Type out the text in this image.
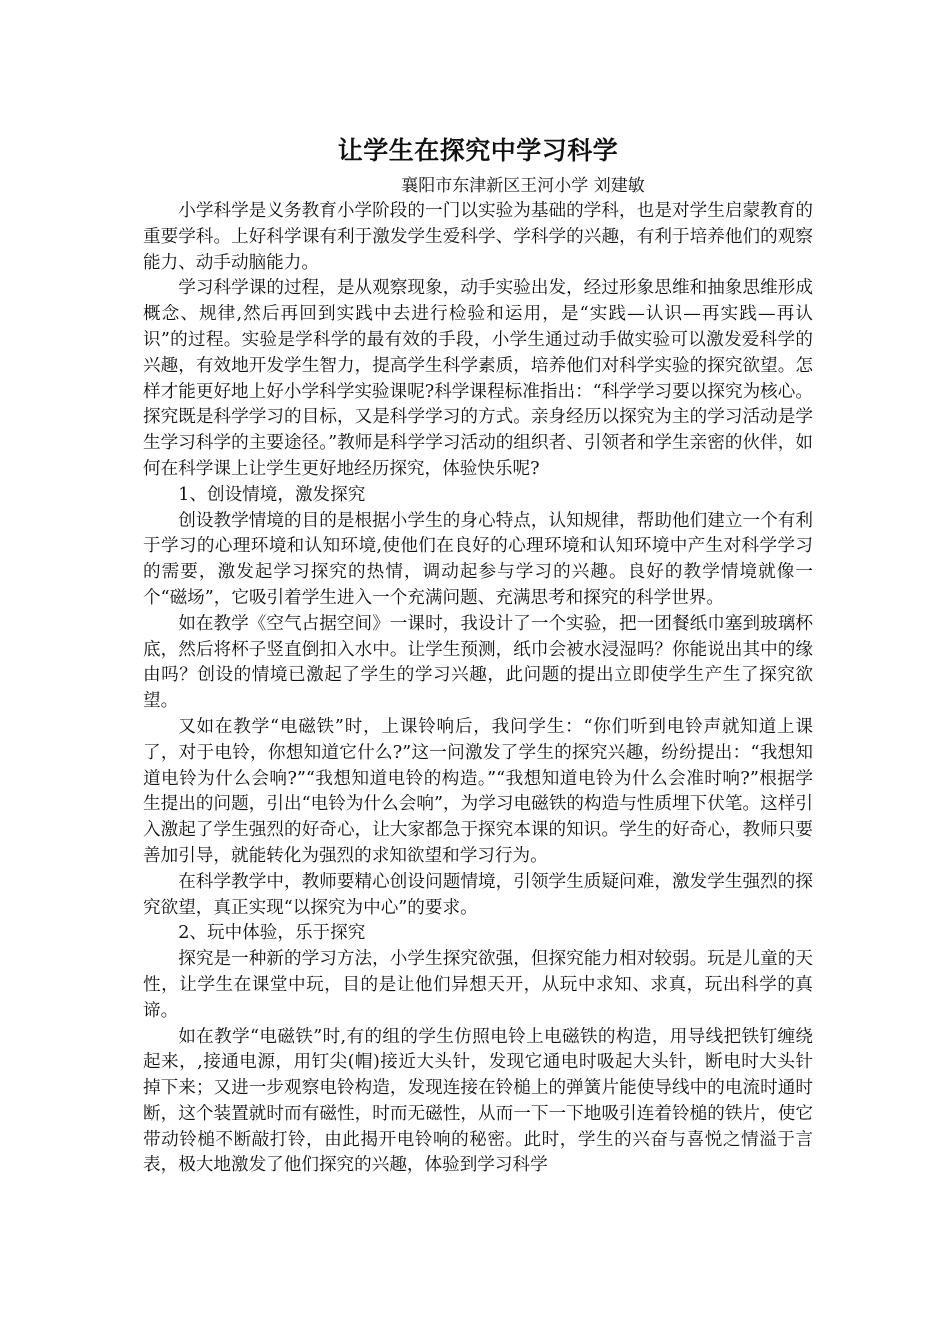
让学生在探究中学习科学

襄阳市东津新区王河小学 刘建敏

小学科学是义务教育小学阶段的一门以实验为基础的学科，也是对学生启蒙教育的重要学科。上好科学课有利于激发学生爱科学、学科学的兴趣，有利于培养他们的观察能力、动手动脑能力。

学习科学课的过程，是从观察现象，动手实验出发，经过形象思维和抽象思维形成概念、规律,然后再回到实践中去进行检验和运用，是“实践—认识—再实践—再认识”的过程。实验是学科学的最有效的手段，小学生通过动手做实验可以激发爱科学的兴趣，有效地开发学生智力，提高学生科学素质，培养他们对科学实验的探究欲望。怎样才能更好地上好小学科学实验课呢?科学课程标准指出：“科学学习要以探究为核心。探究既是科学学习的目标，又是科学学习的方式。亲身经历以探究为主的学习活动是学生学习科学的主要途径。”教师是科学学习活动的组织者、引领者和学生亲密的伙伴，如何在科学课上让学生更好地经历探究，体验快乐呢?

1、创设情境，激发探究

创设教学情境的目的是根据小学生的身心特点，认知规律，帮助他们建立一个有利于学习的心理环境和认知环境,使他们在良好的心理环境和认知环境中产生对科学学习的需要，激发起学习探究的热情，调动起参与学习的兴趣。良好的教学情境就像一个“磁场”，它吸引着学生进入一个充满问题、充满思考和探究的科学世界。

如在教学《空气占据空间》一课时，我设计了一个实验，把一团餐纸巾塞到玻璃杯底，然后将杯子竖直倒扣入水中。让学生预测，纸巾会被水浸湿吗？你能说出其中的缘由吗？创设的情境已激起了学生的学习兴趣，此问题的提出立即使学生产生了探究欲望。

又如在教学“电磁铁”时，上课铃响后，我问学生：“你们听到电铃声就知道上课了，对于电铃，你想知道它什么?”这一问激发了学生的探究兴趣，纷纷提出：“我想知道电铃为什么会响?”“我想知道电铃的构造。”“我想知道电铃为什么会准时响?”根据学生提出的问题，引出“电铃为什么会响”，为学习电磁铁的构造与性质埋下伏笔。这样引入激起了学生强烈的好奇心，让大家都急于探究本课的知识。学生的好奇心，教师只要善加引导，就能转化为强烈的求知欲望和学习行为。

在科学教学中，教师要精心创设问题情境，引领学生质疑问难，激发学生强烈的探究欲望，真正实现“以探究为中心”的要求。

2、玩中体验，乐于探究

探究是一种新的学习方法，小学生探究欲强，但探究能力相对较弱。玩是儿童的天性，让学生在课堂中玩，目的是让他们异想天开，从玩中求知、求真，玩出科学的真谛。

如在教学“电磁铁”时,有的组的学生仿照电铃上电磁铁的构造，用导线把铁钉缠绕起来，,接通电源，用钉尖(帽)接近大头针，发现它通电时吸起大头针，断电时大头针掉下来；又进一步观察电铃构造，发现连接在铃槌上的弹簧片能使导线中的电流时通时断，这个装置就时而有磁性，时而无磁性，从而一下一下地吸引连着铃槌的铁片，使它带动铃槌不断敲打铃，由此揭开电铃响的秘密。此时，学生的兴奋与喜悦之情溢于言表，极大地激发了他们探究的兴趣，体验到学习科学
